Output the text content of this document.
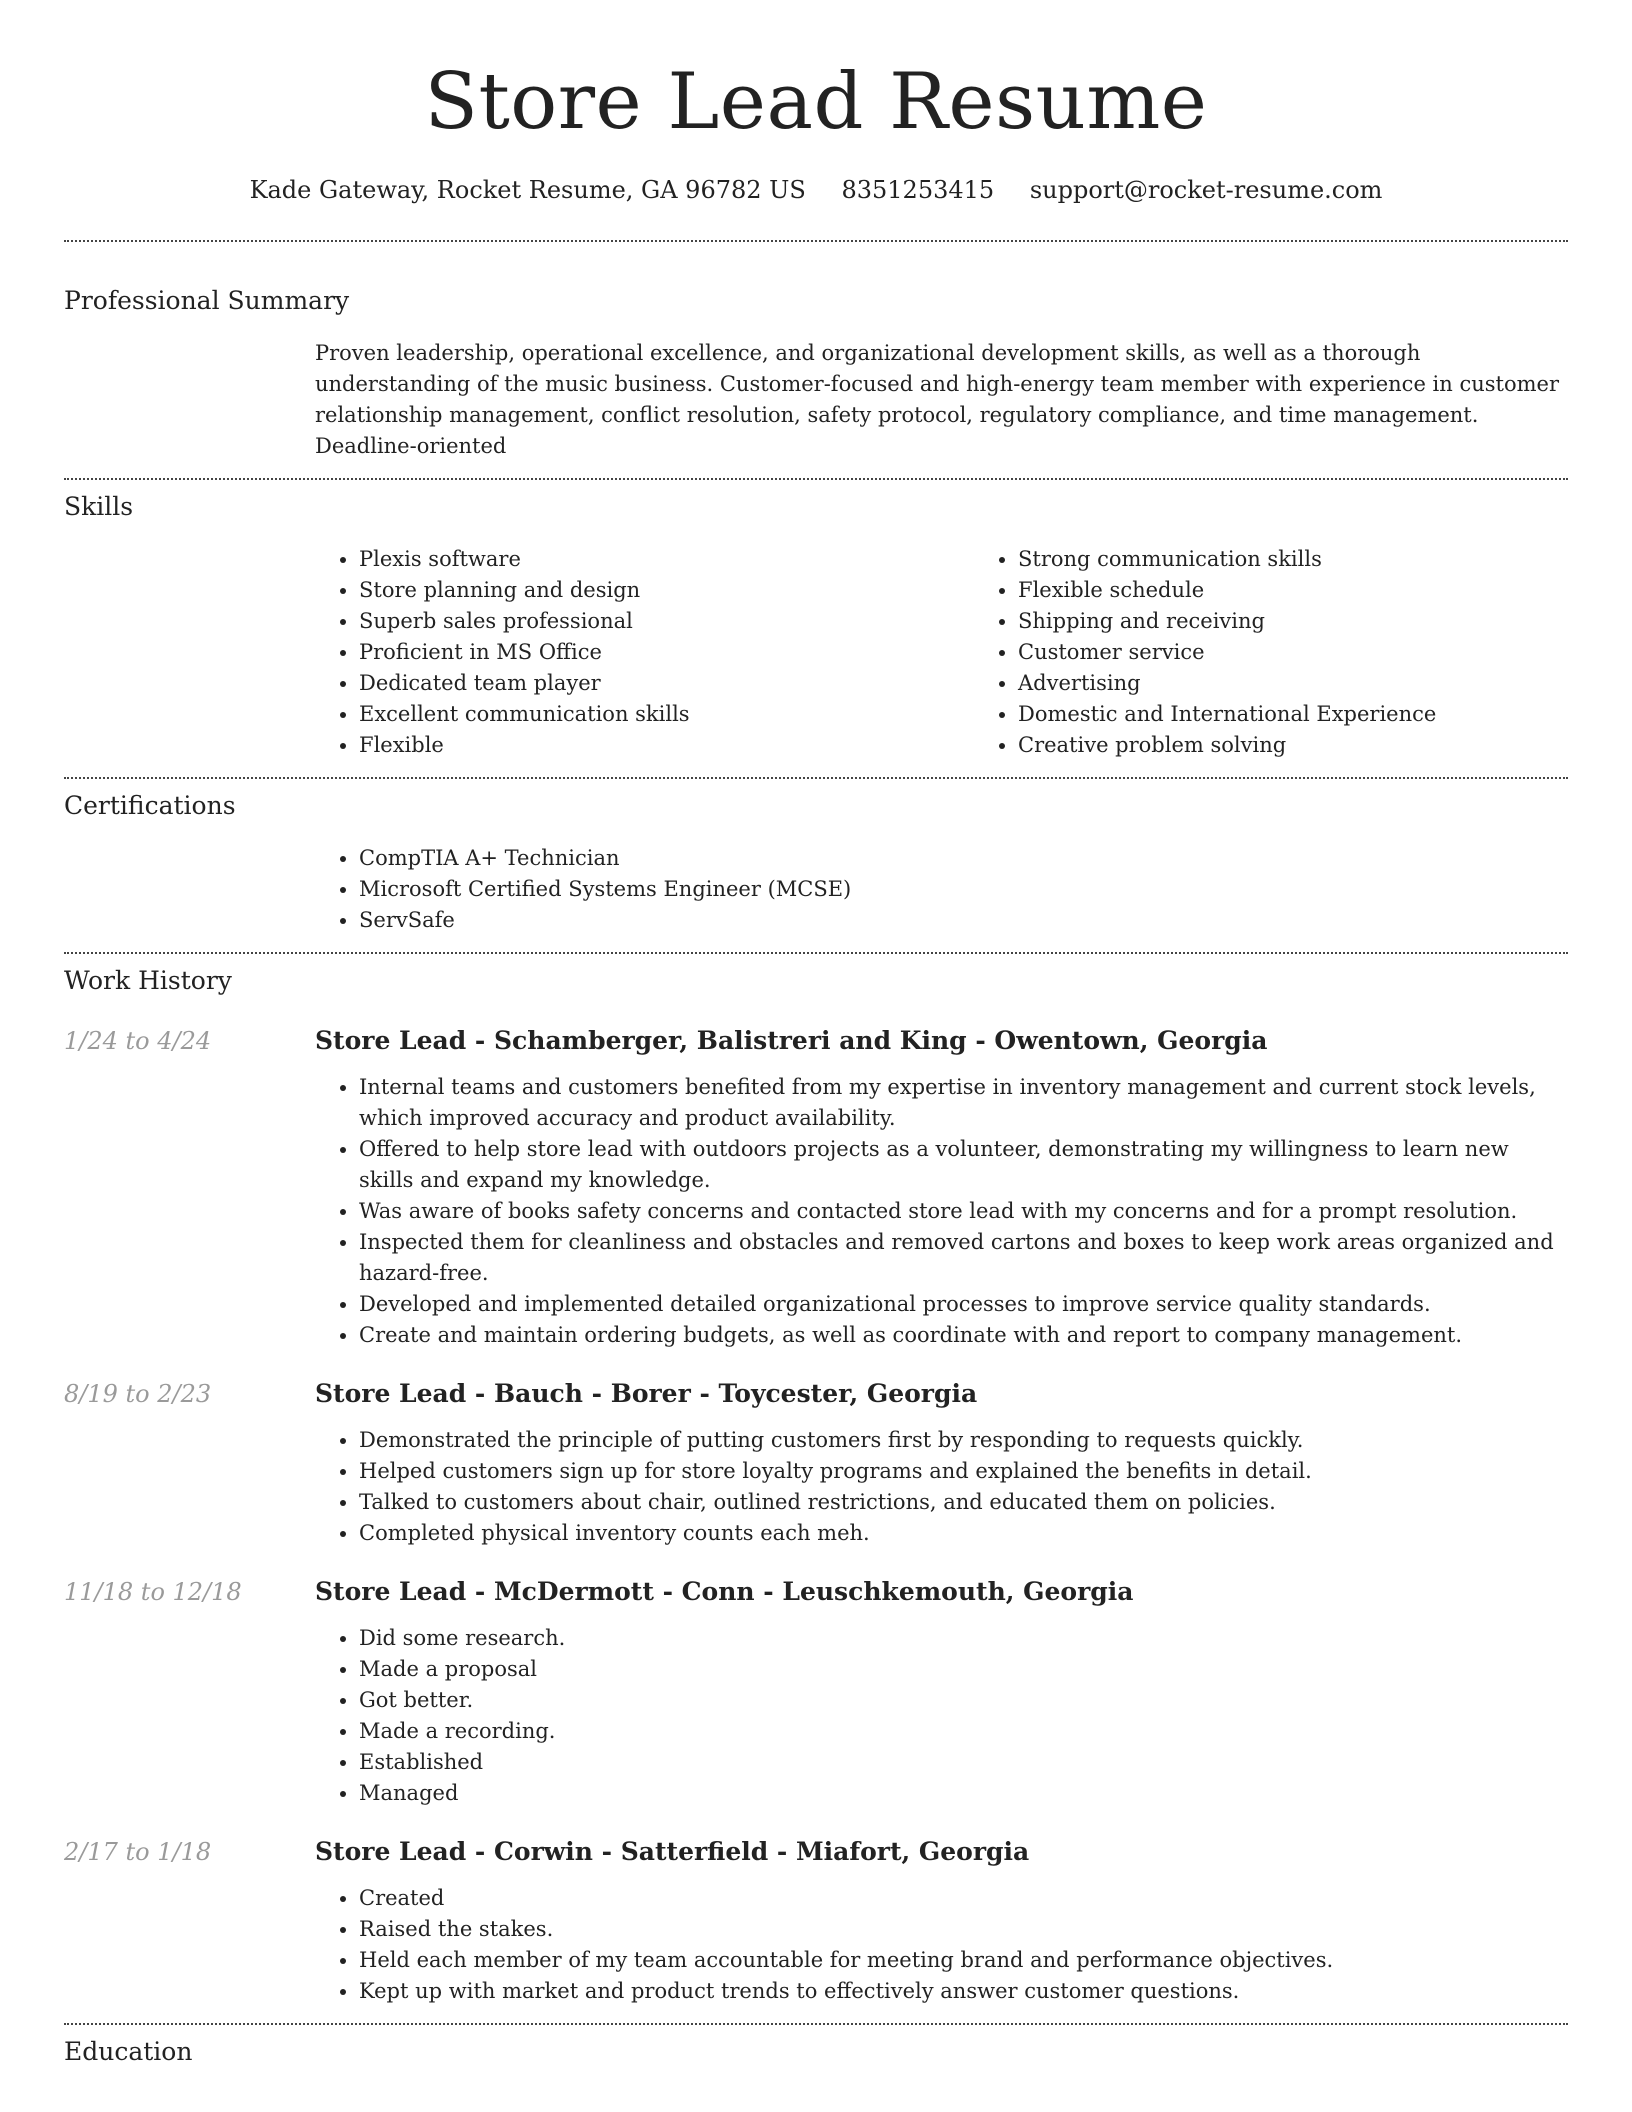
Store Lead Resume
Kade Gateway, Rocket Resume, GA 96782 US 8351253415 support@rocket-resume.com
Professional Summary

Proven leadership, operational excellence, and organizational development skills, as well as a thorough understanding of the music business. Customer-focused and high-energy team member with experience in customer relationship management, conflict resolution, safety protocol, regulatory compliance, and time management. Deadline-oriented

Skills
• Plexis software
• Store planning and design
• Superb sales professional
• Proficient in MS Office
• Dedicated team player
• Excellent communication skills
• Flexible
• Strong communication skills
• Flexible schedule
• Shipping and receiving
• Customer service
• Advertising
• Domestic and International Experience
• Creative problem solving
Certifications
• CompTIA A+ Technician
• Microsoft Certified Systems Engineer (MCSE)
• ServSafe
Work History
1/24 to 4/24	Store Lead - Schamberger, Balistreri and King - Owentown, Georgia
• Internal teams and customers benefited from my expertise in inventory management and current stock levels, which improved accuracy and product availability.
• Offered to help store lead with outdoors projects as a volunteer, demonstrating my willingness to learn new skills and expand my knowledge.
• Was aware of books safety concerns and contacted store lead with my concerns and for a prompt resolution.
• Inspected them for cleanliness and obstacles and removed cartons and boxes to keep work areas organized and hazard-free.
• Developed and implemented detailed organizational processes to improve service quality standards.
• Create and maintain ordering budgets, as well as coordinate with and report to company management.
8/19 to 2/23	Store Lead - Bauch - Borer - Toycester, Georgia
• Demonstrated the principle of putting customers first by responding to requests quickly.
• Helped customers sign up for store loyalty programs and explained the benefits in detail.
• Talked to customers about chair, outlined restrictions, and educated them on policies.
• Completed physical inventory counts each meh.
11/18 to 12/18	Store Lead - McDermott - Conn - Leuschkemouth, Georgia
• Did some research.
• Made a proposal
• Got better.
• Made a recording.
• Established
• Managed
2/17 to 1/18	Store Lead - Corwin - Satterfield - Miafort, Georgia
• Created
• Raised the stakes.
• Held each member of my team accountable for meeting brand and performance objectives.
• Kept up with market and product trends to effectively answer customer questions.
Education
